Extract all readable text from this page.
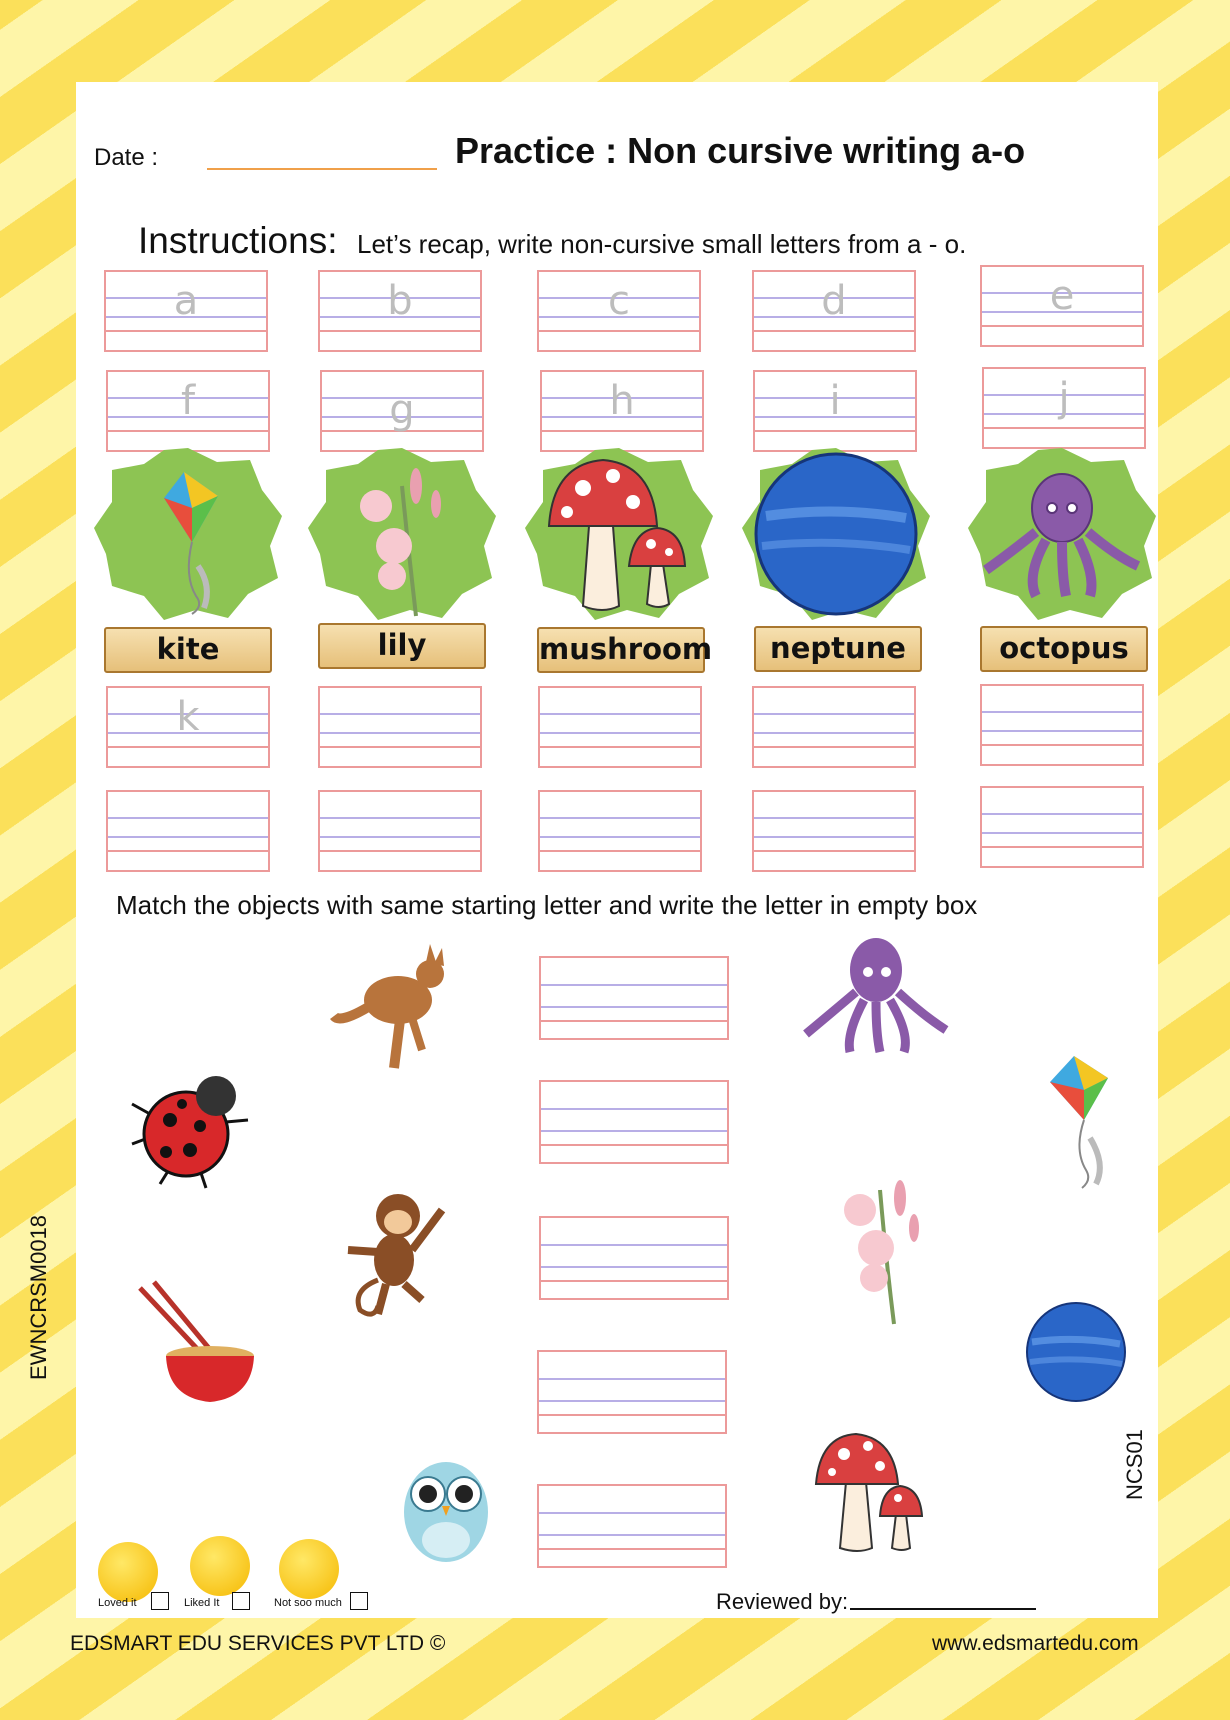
Date :	Practice : Non cursive writing a-o
Instructions: Let’s recap, write non-cursive small letters from a - o.
a	b	c	d	e
f	g	h	i	j
kite	lily	mushroom	neptune	octopus
k
Match the objects with same starting letter and write the letter in empty box
EWNCRSM0018
NCS01
Loved it	Liked It	Not soo much	Reviewed by:
EDSMART EDU SERVICES PVT LTD ©	www.edsmartedu.com
